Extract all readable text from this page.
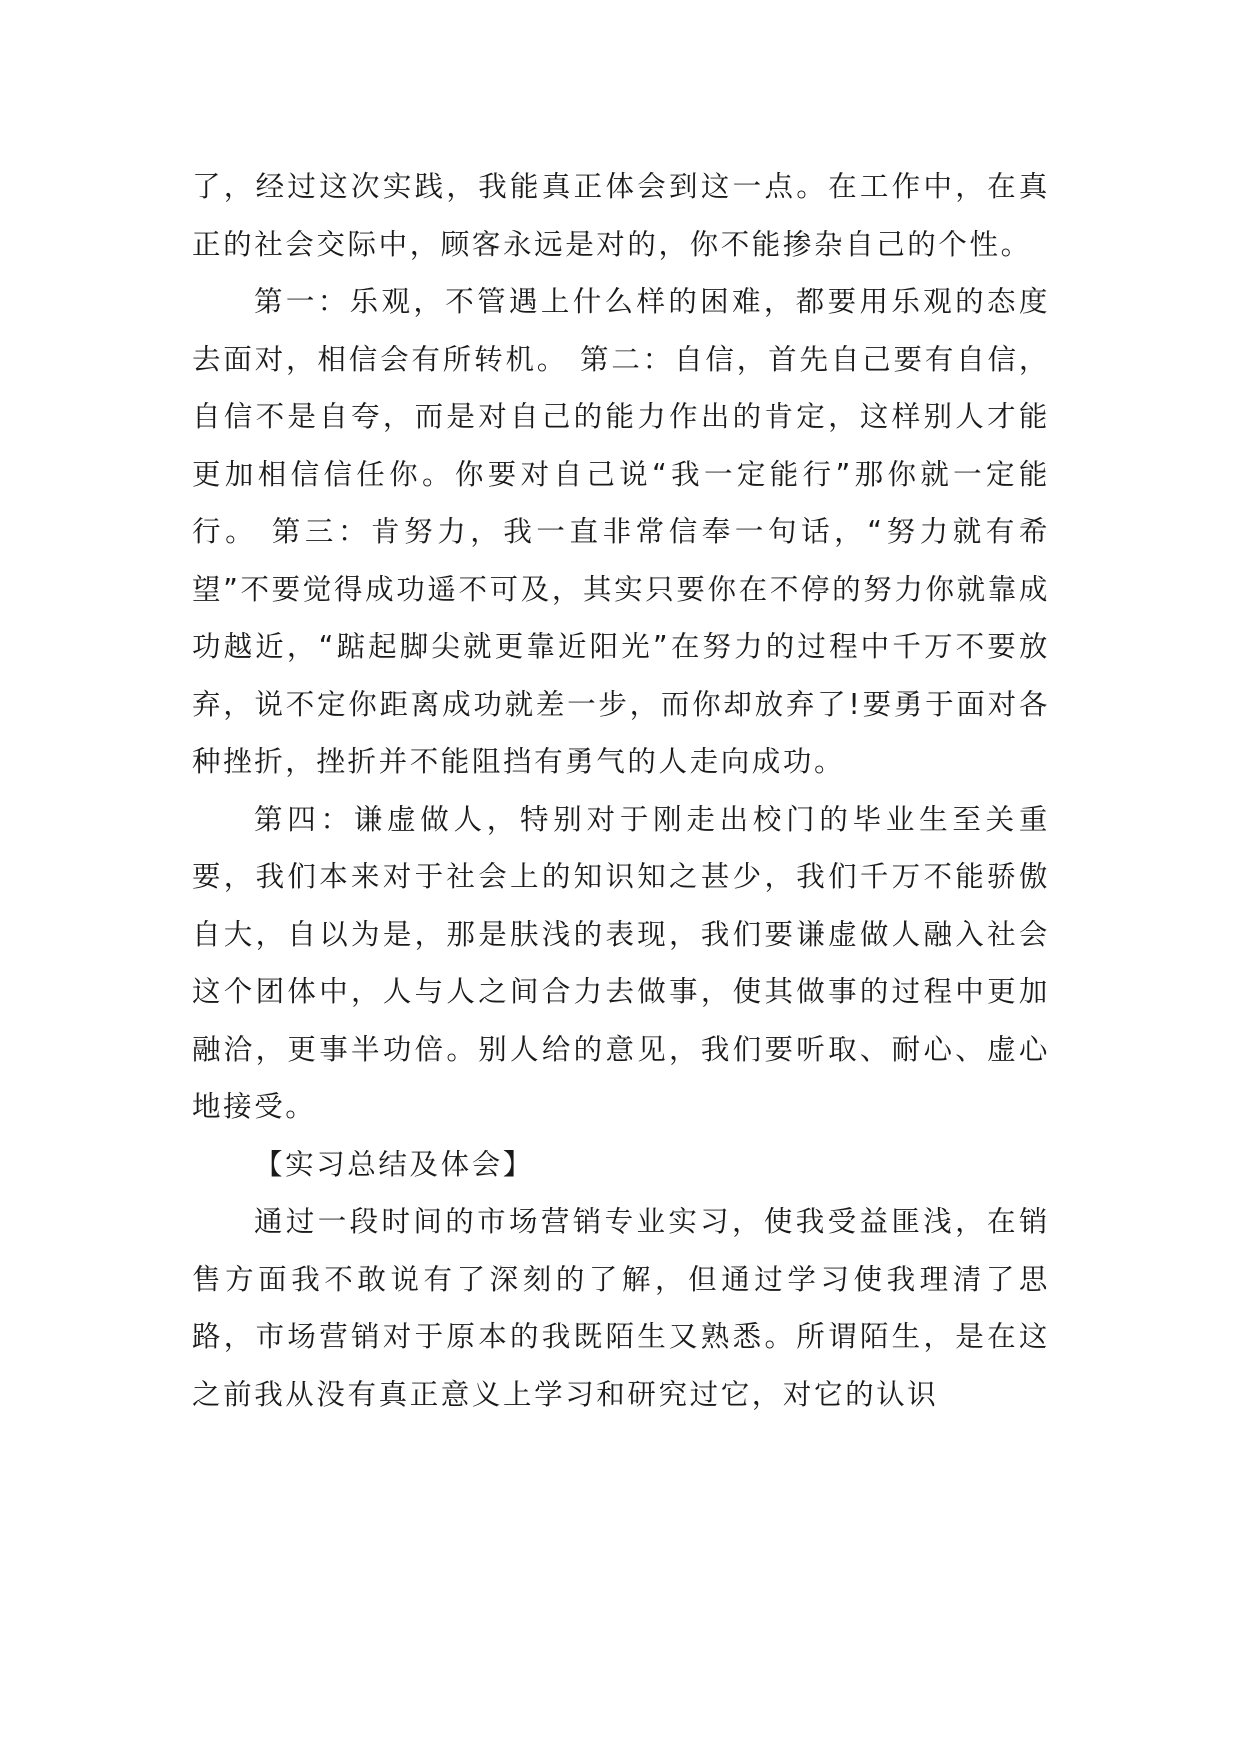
了，经过这次实践，我能真正体会到这一点。在工作中，在真正的社会交际中，顾客永远是对的，你不能掺杂自己的个性。

第一：乐观，不管遇上什么样的困难，都要用乐观的态度去面对，相信会有所转机。 第二：自信，首先自己要有自信，自信不是自夸，而是对自己的能力作出的肯定，这样别人才能更加相信信任你。你要对自己说“我一定能行”那你就一定能行。 第三：肯努力，我一直非常信奉一句话，“努力就有希望”不要觉得成功遥不可及，其实只要你在不停的努力你就靠成功越近，“踮起脚尖就更靠近阳光”在努力的过程中千万不要放弃，说不定你距离成功就差一步，而你却放弃了!要勇于面对各种挫折，挫折并不能阻挡有勇气的人走向成功。

第四：谦虚做人，特别对于刚走出校门的毕业生至关重要，我们本来对于社会上的知识知之甚少，我们千万不能骄傲自大，自以为是，那是肤浅的表现，我们要谦虚做人融入社会这个团体中，人与人之间合力去做事，使其做事的过程中更加融洽，更事半功倍。别人给的意见，我们要听取、耐心、虚心地接受。

【实习总结及体会】

通过一段时间的市场营销专业实习，使我受益匪浅，在销售方面我不敢说有了深刻的了解，但通过学习使我理清了思路，市场营销对于原本的我既陌生又熟悉。所谓陌生，是在这之前我从没有真正意义上学习和研究过它，对它的认识
